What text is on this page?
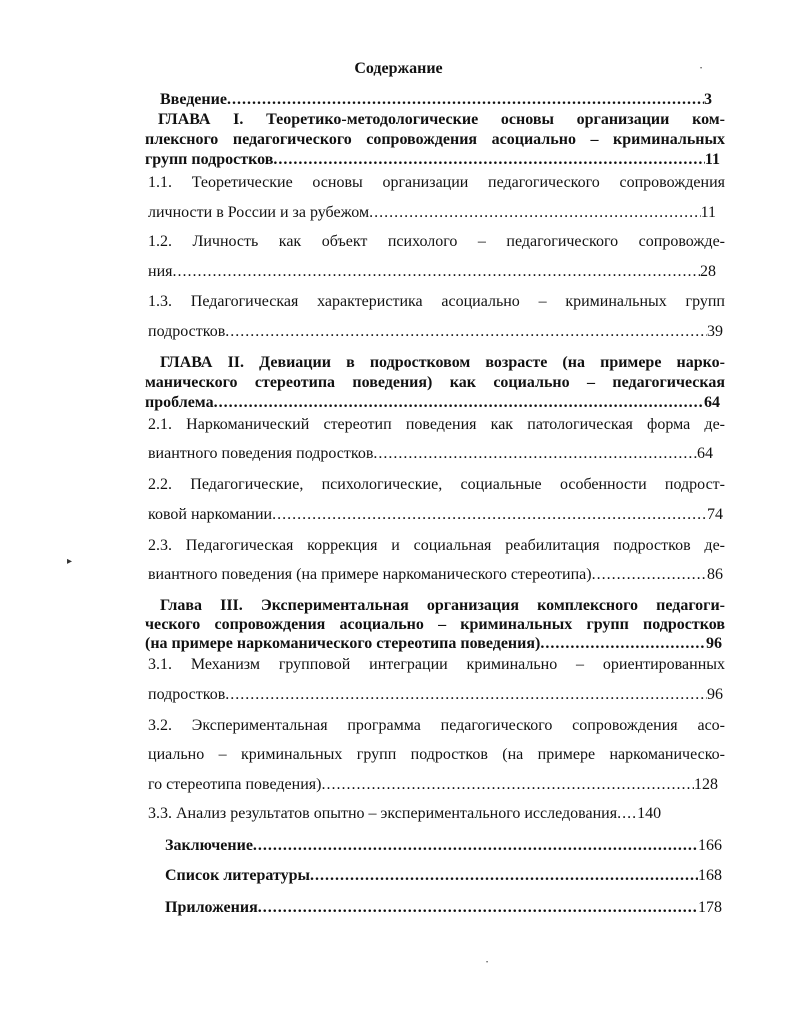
Содержание
Введение .....	3
ГЛАВА I. Теоретико-методологические основы организации ком-
плексного педагогического сопровождения асоциально – криминальных
групп подростков .....	11
1.1. Теоретические основы организации педагогического сопровождения
личности в России и за рубежом .....	11
1.2. Личность как объект психолого – педагогического сопровожде-
ния .....	28
1.3. Педагогическая характеристика асоциально – криминальных групп
подростков .....	39
ГЛАВА II. Девиации в подростковом возрасте (на примере нарко-
манического стереотипа поведения) как социально – педагогическая
проблема .....	64
2.1. Наркоманический стереотип поведения как патологическая форма де-
виантного поведения подростков .....	64
2.2. Педагогические, психологические, социальные особенности подрост-
ковой наркомании .....	74
2.3. Педагогическая коррекция и социальная реабилитация подростков де-
виантного поведения (на примере наркоманического стереотипа) .....	86
Глава III. Экспериментальная организация комплексного педагоги-
ческого сопровождения асоциально – криминальных групп подростков
(на примере наркоманического стереотипа поведения) .....	96
3.1. Механизм групповой интеграции криминально – ориентированных
подростков .....	96
3.2. Экспериментальная программа педагогического сопровождения асо-
циально – криминальных групп подростков (на примере наркоманическо-
го стереотипа поведения) .....	128
3.3. Анализ результатов опытно – экспериментального исследования ..... 140
Заключение .....	166
Список литературы .....	168
Приложения .....	178
▸
•
•
